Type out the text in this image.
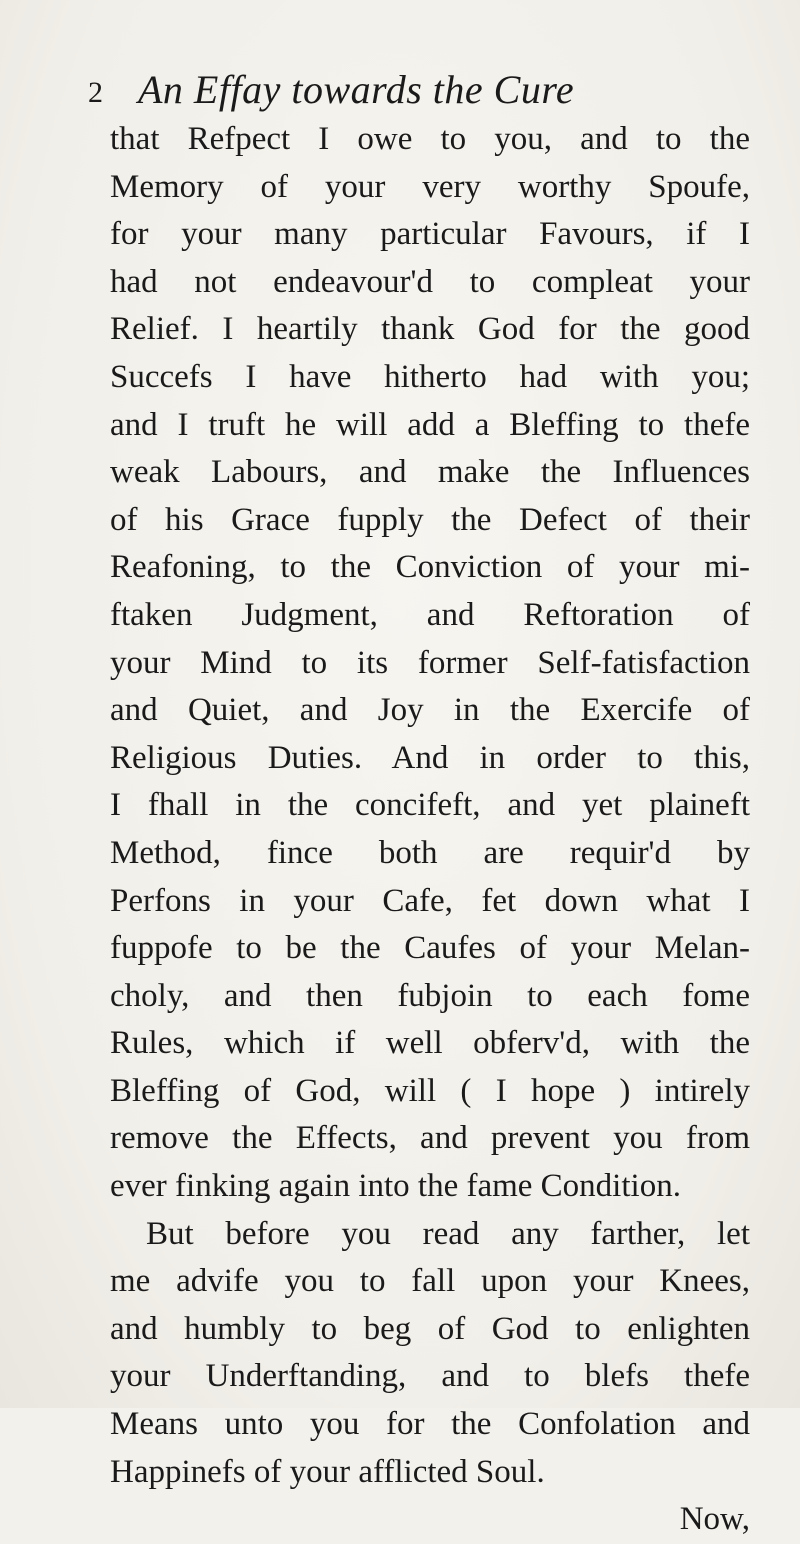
2 An Effay towards the Cure
that Refpect I owe to you, and to the
Memory of your very worthy Spoufe,
for your many particular Favours, if I
had not endeavour'd to compleat your
Relief. I heartily thank God for the good
Succefs I have hitherto had with you;
and I truft he will add a Bleffing to thefe
weak Labours, and make the Influences
of his Grace fupply the Defect of their
Reafoning, to the Conviction of your mi-
ftaken Judgment, and Reftoration of
your Mind to its former Self-fatisfaction
and Quiet, and Joy in the Exercife of
Religious Duties. And in order to this,
I fhall in the concifeft, and yet plaineft
Method, fince both are requir'd by
Perfons in your Cafe, fet down what I
fuppofe to be the Caufes of your Melan-
choly, and then fubjoin to each fome
Rules, which if well obferv'd, with the
Bleffing of God, will ( I hope ) intirely
remove the Effects, and prevent you from
ever finking again into the fame Condition.
But before you read any farther, let
me advife you to fall upon your Knees,
and humbly to beg of God to enlighten
your Underftanding, and to blefs thefe
Means unto you for the Confolation and
Happinefs of your afflicted Soul.
Now,
